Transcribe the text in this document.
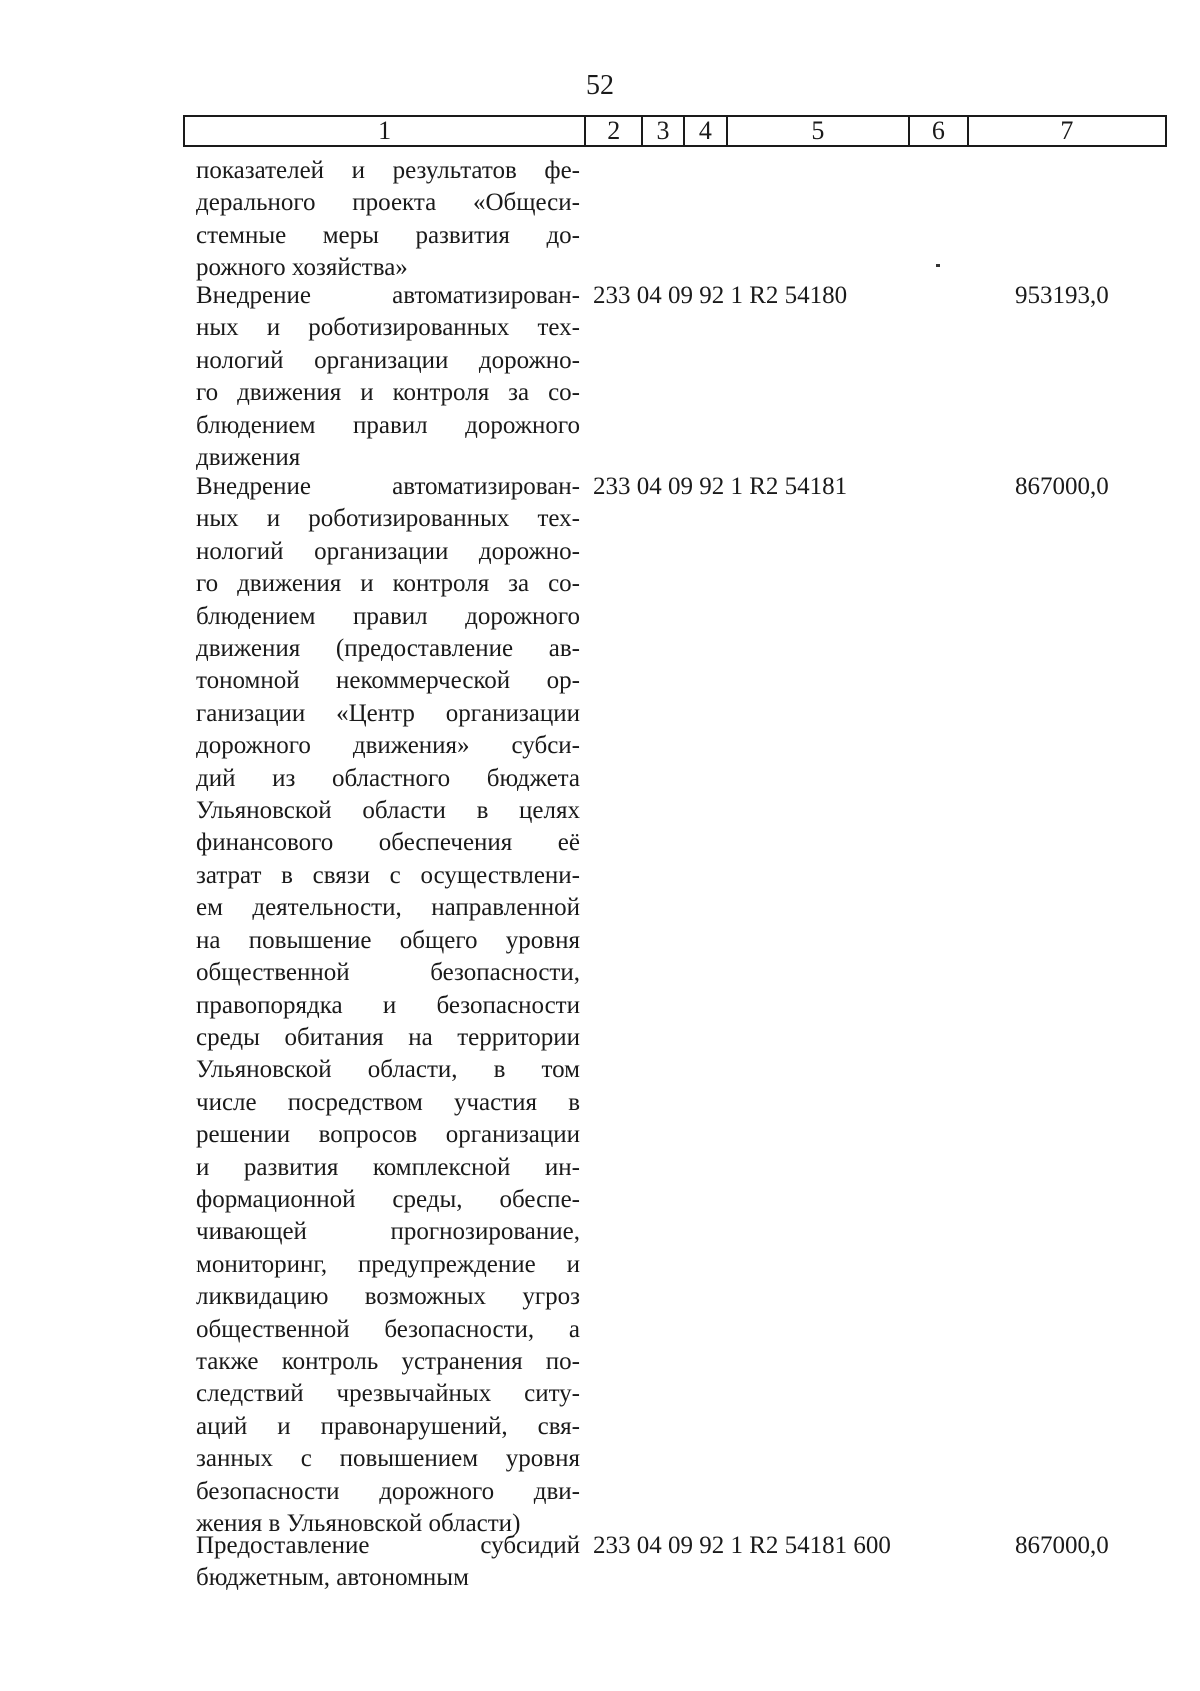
52
1	2	3	4	5	6	7
показателей и результатов фе-
дерального проекта «Общеси-
стемные меры развития до-
рожного хозяйства»
Внедрение автоматизирован-
ных и роботизированных тех-
нологий организации дорожно-
го движения и контроля за со-
блюдением правил дорожного
движения
233 04 09 92 1 R2 54180	953193,0
Внедрение автоматизирован-
ных и роботизированных тех-
нологий организации дорожно-
го движения и контроля за со-
блюдением правил дорожного
движения (предоставление ав-
тономной некоммерческой ор-
ганизации «Центр организации
дорожного движения» субси-
дий из областного бюджета
Ульяновской области в целях
финансового обеспечения её
затрат в связи с осуществлени-
ем деятельности, направленной
на повышение общего уровня
общественной безопасности,
правопорядка и безопасности
среды обитания на территории
Ульяновской области, в том
числе посредством участия в
решении вопросов организации
и развития комплексной ин-
формационной среды, обеспе-
чивающей прогнозирование,
мониторинг, предупреждение и
ликвидацию возможных угроз
общественной безопасности, а
также контроль устранения по-
следствий чрезвычайных ситу-
аций и правонарушений, свя-
занных с повышением уровня
безопасности дорожного дви-
жения в Ульяновской области)
233 04 09 92 1 R2 54181	867000,0
Предоставление субсидий
бюджетным, автономным
233 04 09 92 1 R2 54181 600	867000,0
